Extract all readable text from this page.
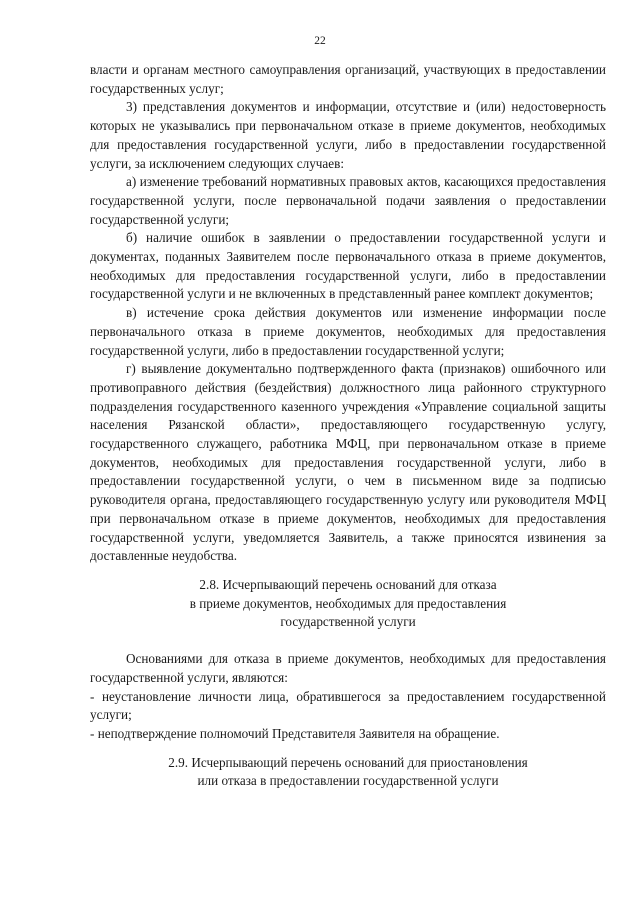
22

власти и органам местного самоуправления организаций, участвующих в предоставлении государственных услуг;

3) представления документов и информации, отсутствие и (или) недостоверность которых не указывались при первоначальном отказе в приеме документов, необходимых для предоставления государственной услуги, либо в предоставлении государственной услуги, за исключением следующих случаев:

а) изменение требований нормативных правовых актов, касающихся предоставления государственной услуги, после первоначальной подачи заявления о предоставлении государственной услуги;

б) наличие ошибок в заявлении о предоставлении государственной услуги и документах, поданных Заявителем после первоначального отказа в приеме документов, необходимых для предоставления государственной услуги, либо в предоставлении государственной услуги и не включенных в представленный ранее комплект документов;

в) истечение срока действия документов или изменение информации после первоначального отказа в приеме документов, необходимых для предоставления государственной услуги, либо в предоставлении государственной услуги;

г) выявление документально подтвержденного факта (признаков) ошибочного или противоправного действия (бездействия) должностного лица районного структурного подразделения государственного казенного учреждения «Управление социальной защиты населения Рязанской области», предоставляющего государственную услугу, государственного служащего, работника МФЦ, при первоначальном отказе в приеме документов, необходимых для предоставления государственной услуги, либо в предоставлении государственной услуги, о чем в письменном виде за подписью руководителя органа, предоставляющего государственную услугу или руководителя МФЦ при первоначальном отказе в приеме документов, необходимых для предоставления государственной услуги, уведомляется Заявитель, а также приносятся извинения за доставленные неудобства.

2.8. Исчерпывающий перечень оснований для отказа
в приеме документов, необходимых для предоставления
государственной услуги

Основаниями для отказа в приеме документов, необходимых для предоставления государственной услуги, являются:

- неустановление личности лица, обратившегося за предоставлением государственной услуги;

- неподтверждение полномочий Представителя Заявителя на обращение.

2.9. Исчерпывающий перечень оснований для приостановления
или отказа в предоставлении государственной услуги
